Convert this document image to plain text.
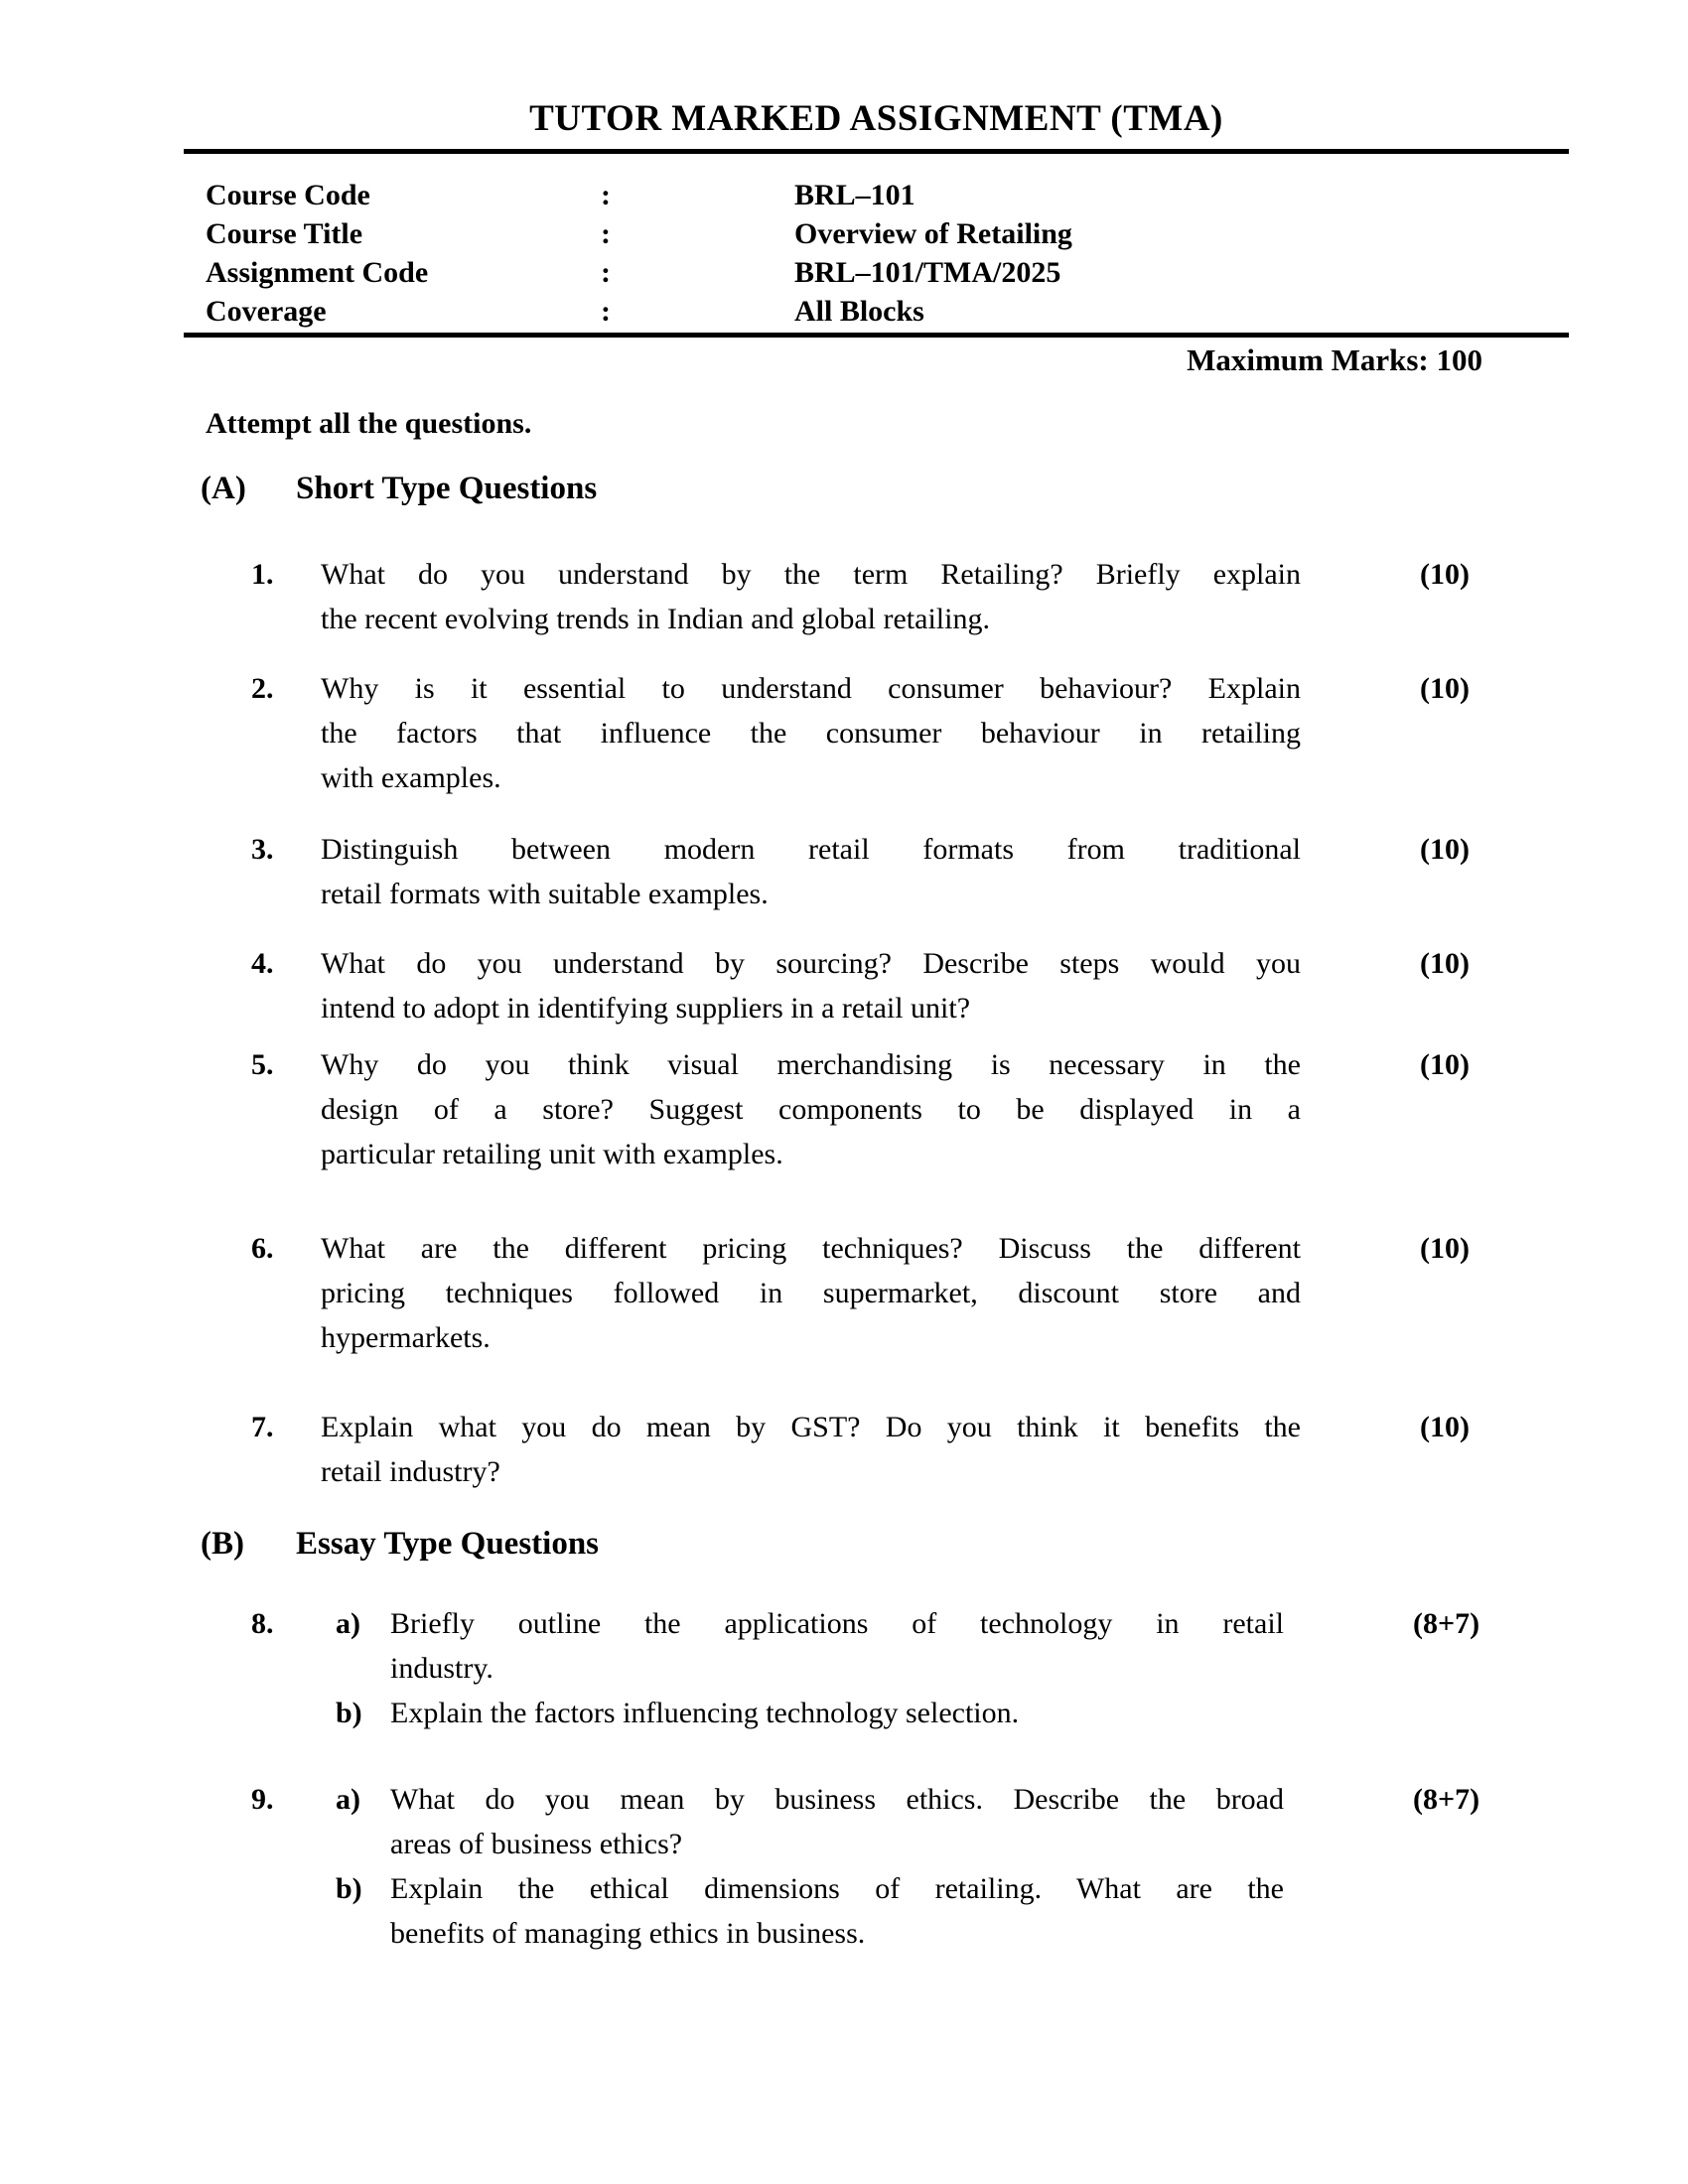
TUTOR MARKED ASSIGNMENT (TMA)
Course Code	:	BRL–101
Course Title	:	Overview of Retailing
Assignment Code	:	BRL–101/TMA/2025
Coverage	:	All Blocks
Maximum Marks: 100
Attempt all the questions.
(A)	Short Type Questions
1.	What do you understand by the term Retailing? Briefly explain
the recent evolving trends in Indian and global retailing.
(10)
2.	Why is it essential to understand consumer behaviour? Explain
the factors that influence the consumer behaviour in retailing
with examples.
(10)
3.	Distinguish between modern retail formats from traditional
retail formats with suitable examples.
(10)
4.	What do you understand by sourcing? Describe steps would you
intend to adopt in identifying suppliers in a retail unit?
(10)
5.	Why do you think visual merchandising is necessary in the
design of a store? Suggest components to be displayed in a
particular retailing unit with examples.
(10)
6.	What are the different pricing techniques? Discuss the different
pricing techniques followed in supermarket, discount store and
hypermarkets.
(10)
7.	Explain what you do mean by GST? Do you think it benefits the
retail industry?
(10)
(B)	Essay Type Questions
8.	a)	Briefly outline the applications of technology in retail
industry.
(8+7)
b) Explain the factors influencing technology selection.
9.	a)	What do you mean by business ethics. Describe the broad
areas of business ethics?
(8+7)
b) Explain the ethical dimensions of retailing. What are the
benefits of managing ethics in business.
